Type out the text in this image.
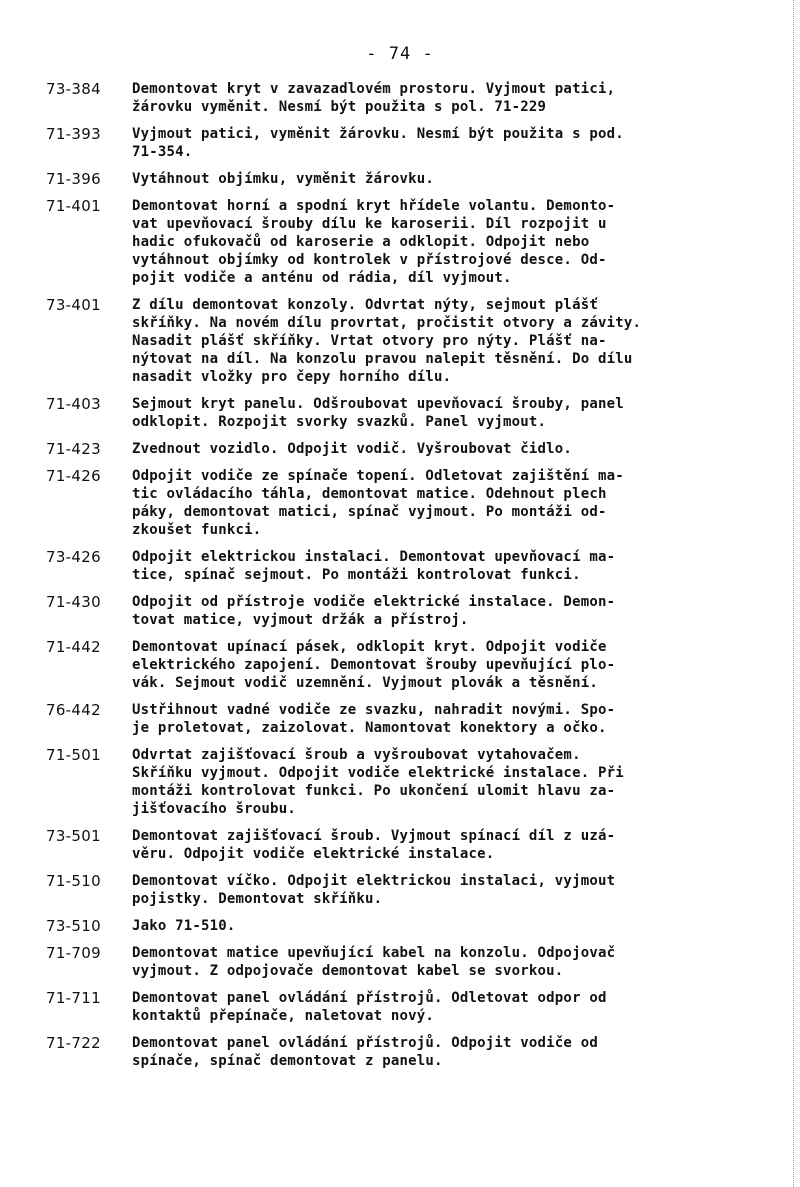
- 74 -
73-384	Demontovat kryt v zavazadlovém prostoru. Vyjmout patici,
žárovku vyměnit. Nesmí být použita s pol. 71-229
71-393	Vyjmout patici, vyměnit žárovku. Nesmí být použita s pod.
71-354.
71-396	Vytáhnout objímku, vyměnit žárovku.
71-401	Demontovat horní a spodní kryt hřídele volantu. Demonto-
vat upevňovací šrouby dílu ke karoserii. Díl rozpojit u
hadic ofukovačů od karoserie a odklopit. Odpojit nebo
vytáhnout objímky od kontrolek v přístrojové desce. Od-
pojit vodiče a anténu od rádia, díl vyjmout.
73-401	Z dílu demontovat konzoly. Odvrtat nýty, sejmout plášť
skříňky. Na novém dílu provrtat, pročistit otvory a závity.
Nasadit plášť skříňky. Vrtat otvory pro nýty. Plášť na-
nýtovat na díl. Na konzolu pravou nalepit těsnění. Do dílu
nasadit vložky pro čepy horního dílu.
71-403	Sejmout kryt panelu. Odšroubovat upevňovací šrouby, panel
odklopit. Rozpojit svorky svazků. Panel vyjmout.
71-423	Zvednout vozidlo. Odpojit vodič. Vyšroubovat čidlo.
71-426	Odpojit vodiče ze spínače topení. Odletovat zajištění ma-
tic ovládacího táhla, demontovat matice. Odehnout plech
páky, demontovat matici, spínač vyjmout. Po montáži od-
zkoušet funkci.
73-426	Odpojit elektrickou instalaci. Demontovat upevňovací ma-
tice, spínač sejmout. Po montáži kontrolovat funkci.
71-430	Odpojit od přístroje vodiče elektrické instalace. Demon-
tovat matice, vyjmout držák a přístroj.
71-442	Demontovat upínací pásek, odklopit kryt. Odpojit vodiče
elektrického zapojení. Demontovat šrouby upevňující plo-
vák. Sejmout vodič uzemnění. Vyjmout plovák a těsnění.
76-442	Ustřihnout vadné vodiče ze svazku, nahradit novými. Spo-
je proletovat, zaizolovat. Namontovat konektory a očko.
71-501	Odvrtat zajišťovací šroub a vyšroubovat vytahovačem.
Skříňku vyjmout. Odpojit vodiče elektrické instalace. Při
montáži kontrolovat funkci. Po ukončení ulomit hlavu za-
jišťovacího šroubu.
73-501	Demontovat zajišťovací šroub. Vyjmout spínací díl z uzá-
věru. Odpojit vodiče elektrické instalace.
71-510	Demontovat víčko. Odpojit elektrickou instalaci, vyjmout
pojistky. Demontovat skříňku.
73-510	Jako 71-510.
71-709	Demontovat matice upevňující kabel na konzolu. Odpojovač
vyjmout. Z odpojovače demontovat kabel se svorkou.
71-711	Demontovat panel ovládání přístrojů. Odletovat odpor od
kontaktů přepínače, naletovat nový.
71-722	Demontovat panel ovládání přístrojů. Odpojit vodiče od
spínače, spínač demontovat z panelu.
